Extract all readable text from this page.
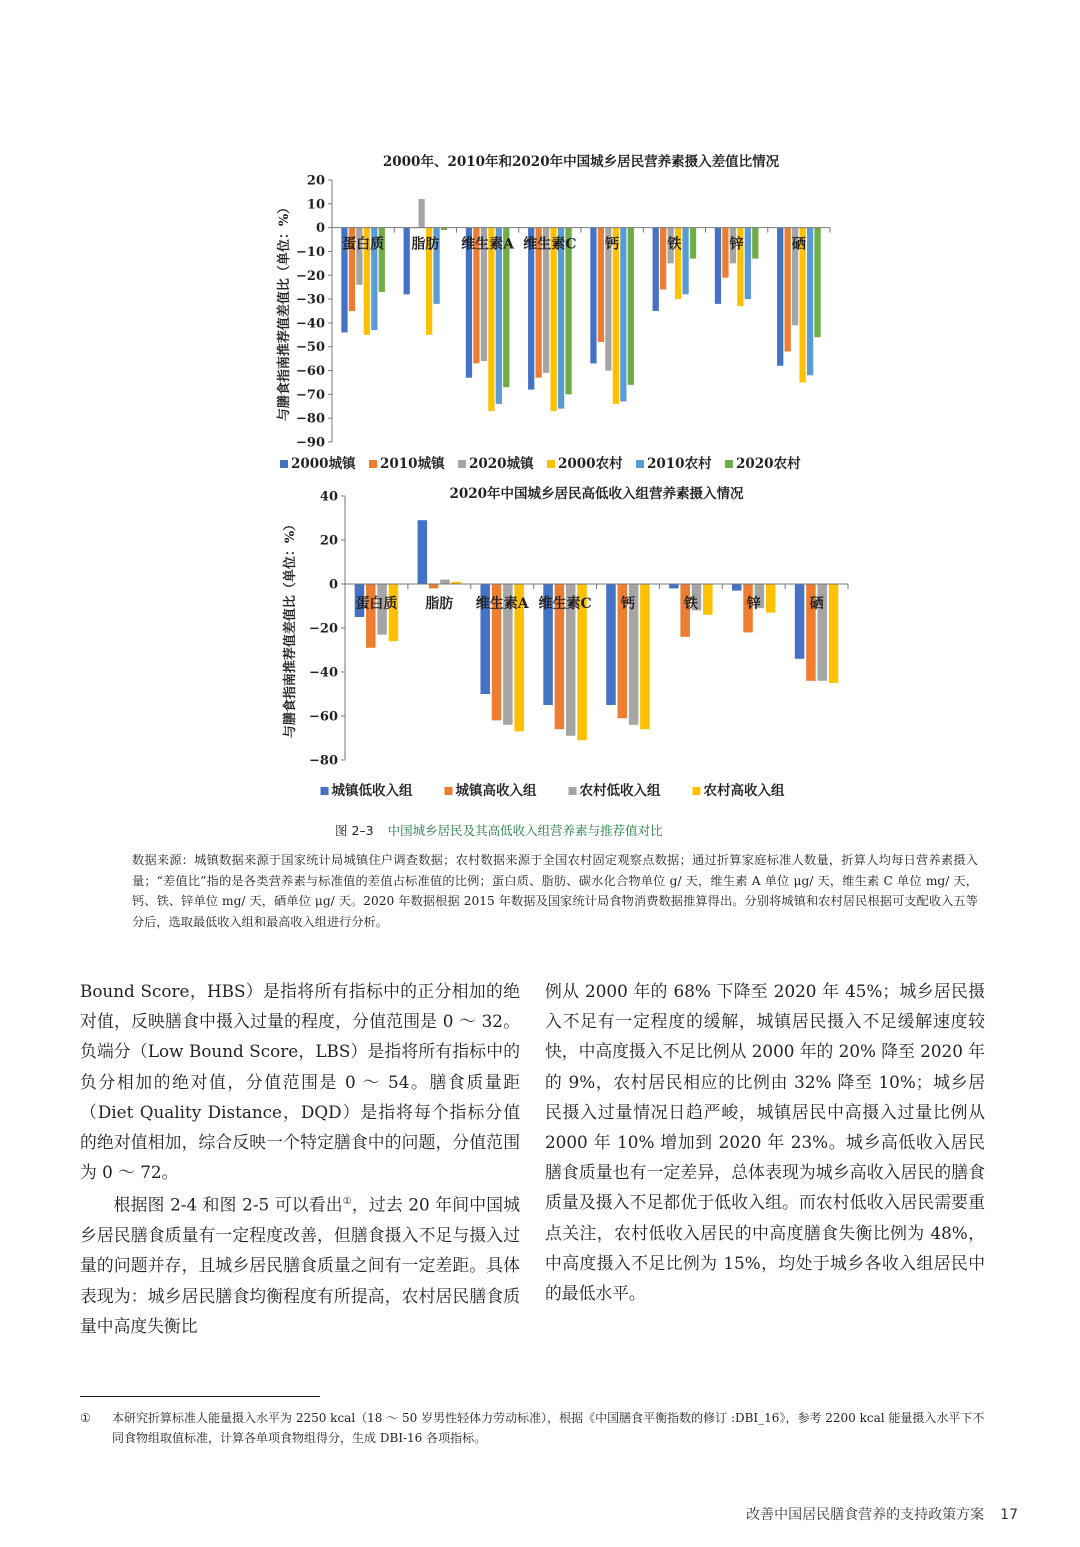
2000年、2010年和2020年中国城乡居民营养素摄入差值比情况
与膳食指南推荐值差值比（单位：%）
20
10
0
−10
−20
−30
−40
−50
−60
−70
−80
−90
蛋白质 脂肪 维生素A 维生素C 钙	铁	锌	硒
2000城镇 2010城镇 2020城镇 2000农村 2010农村 2020农村
2020年中国城乡居民高低收入组营养素摄入情况
与膳食指南推荐值差值比（单位：%）
40
20
0
−20
−40
−60
−80
蛋白质 脂肪 维生素A 维生素C 钙	铁	锌	硒
城镇低收入组	城镇高收入组	农村低收入组	农村高收入组
图 2–3 中国城乡居民及其高低收入组营养素与推荐值对比
数据来源：城镇数据来源于国家统计局城镇住户调查数据；农村数据来源于全国农村固定观察点数据；通过折算家庭标准人数量，折算人均每日营养素摄入量；“差值比”指的是各类营养素与标准值的差值占标准值的比例；蛋白质、脂肪、碳水化合物单位 g/ 天，维生素 A 单位 μg/ 天，维生素 C 单位 mg/ 天，钙、铁、锌单位 mg/ 天，硒单位 μg/ 天。2020 年数据根据 2015 年数据及国家统计局食物消费数据推算得出。分别将城镇和农村居民根据可支配收入五等分后，选取最低收入组和最高收入组进行分析。

Bound Score，HBS）是指将所有指标中的正分相加的绝对值，反映膳食中摄入过量的程度，分值范围是 0 ～ 32。负端分（Low Bound Score，LBS）是指将所有指标中的负分相加的绝对值，分值范围是 0 ～ 54。膳食质量距（Diet Quality Distance，DQD）是指将每个指标分值的绝对值相加，综合反映一个特定膳食中的问题，分值范围为 0 ～ 72。

根据图 2-4 和图 2-5 可以看出①，过去 20 年间中国城乡居民膳食质量有一定程度改善，但膳食摄入不足与摄入过量的问题并存，且城乡居民膳食质量之间有一定差距。具体表现为：城乡居民膳食均衡程度有所提高，农村居民膳食质量中高度失衡比

例从 2000 年的 68% 下降至 2020 年 45%；城乡居民摄入不足有一定程度的缓解，城镇居民摄入不足缓解速度较快，中高度摄入不足比例从 2000 年的 20% 降至 2020 年的 9%，农村居民相应的比例由 32% 降至 10%；城乡居民摄入过量情况日趋严峻，城镇居民中高摄入过量比例从 2000 年 10% 增加到 2020 年 23%。城乡高低收入居民膳食质量也有一定差异，总体表现为城乡高收入居民的膳食质量及摄入不足都优于低收入组。而农村低收入居民需要重点关注，农村低收入居民的中高度膳食失衡比例为 48%，中高度摄入不足比例为 15%，均处于城乡各收入组居民中的最低水平。

① 本研究折算标准人能量摄入水平为 2250 kcal（18 ～ 50 岁男性轻体力劳动标准），根据《中国膳食平衡指数的修订 :DBI_16》，参考 2200 kcal 能量摄入水平下不同食物组取值标准，计算各单项食物组得分，生成 DBI-16 各项指标。
改善中国居民膳食营养的支持政策方案 17
